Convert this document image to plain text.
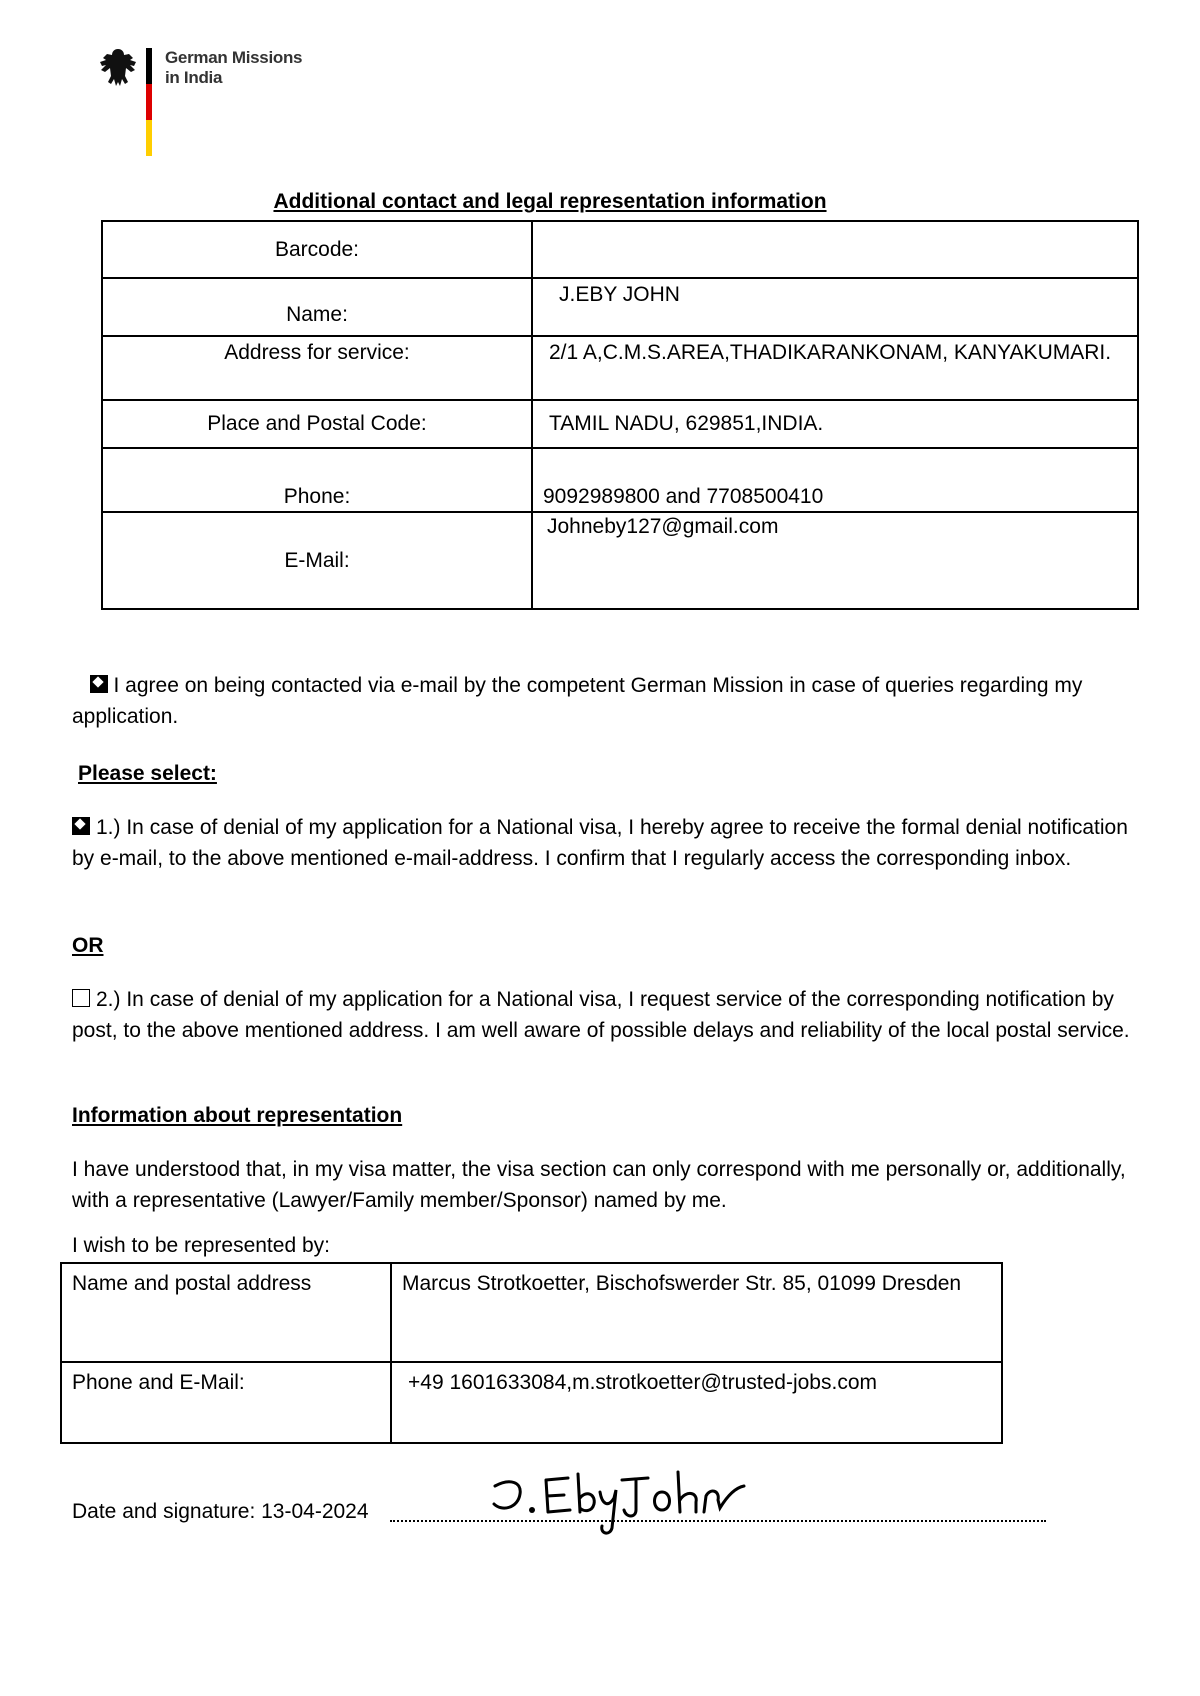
German Missions
in India
Additional contact and legal representation information
Barcode:	
Name:	J.EBY JOHN
Address for service:	2/1 A,C.M.S.AREA,THADIKARANKONAM, KANYAKUMARI.
Place and Postal Code:	TAMIL NADU, 629851,INDIA.
Phone:	9092989800 and 7708500410
E-Mail:	Johneby127@gmail.com
I agree on being contacted via e-mail by the competent German Mission in case of queries regarding my application.
Please select:
1.) In case of denial of my application for a National visa, I hereby agree to receive the formal denial notification by e-mail, to the above mentioned e-mail-address. I confirm that I regularly access the corresponding inbox.
OR
2.) In case of denial of my application for a National visa, I request service of the corresponding notification by post, to the above mentioned address. I am well aware of possible delays and reliability of the local postal service.
Information about representation
I have understood that, in my visa matter, the visa section can only correspond with me personally or, additionally, with a representative (Lawyer/Family member/Sponsor) named by me.
I wish to be represented by:
Name and postal address	Marcus Strotkoetter, Bischofswerder Str. 85, 01099 Dresden
Phone and E-Mail:	+49 1601633084,m.strotkoetter@trusted-jobs.com
Date and signature: 13-04-2024
